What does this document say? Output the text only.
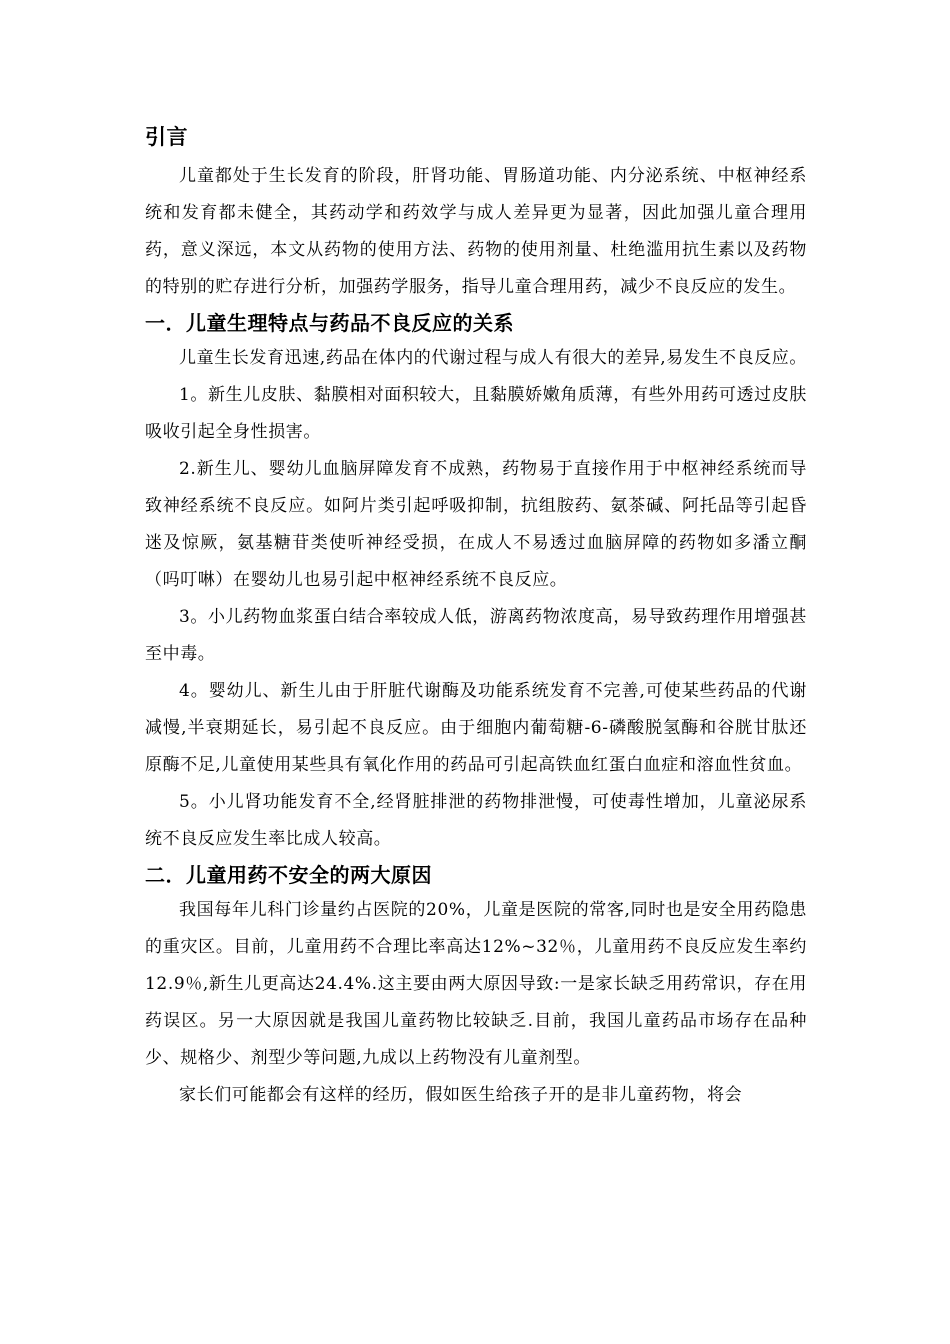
引言

儿童都处于生长发育的阶段，肝肾功能、胃肠道功能、内分泌系统、中枢神经系统和发育都未健全，其药动学和药效学与成人差异更为显著，因此加强儿童合理用药，意义深远，本文从药物的使用方法、药物的使用剂量、杜绝滥用抗生素以及药物的特别的贮存进行分析，加强药学服务，指导儿童合理用药，减少不良反应的发生。

一．儿童生理特点与药品不良反应的关系

儿童生长发育迅速,药品在体内的代谢过程与成人有很大的差异,易发生不良反应。

1。新生儿皮肤、黏膜相对面积较大，且黏膜娇嫩角质薄，有些外用药可透过皮肤吸收引起全身性损害。

2.新生儿、婴幼儿血脑屏障发育不成熟，药物易于直接作用于中枢神经系统而导致神经系统不良反应。如阿片类引起呼吸抑制，抗组胺药、氨茶碱、阿托品等引起昏迷及惊厥，氨基糖苷类使听神经受损，在成人不易透过血脑屏障的药物如多潘立酮（吗叮啉）在婴幼儿也易引起中枢神经系统不良反应。

3。小儿药物血浆蛋白结合率较成人低，游离药物浓度高，易导致药理作用增强甚至中毒。

4。婴幼儿、新生儿由于肝脏代谢酶及功能系统发育不完善,可使某些药品的代谢减慢,半衰期延长，易引起不良反应。由于细胞内葡萄糖-6-磷酸脱氢酶和谷胱甘肽还原酶不足,儿童使用某些具有氧化作用的药品可引起高铁血红蛋白血症和溶血性贫血。

5。小儿肾功能发育不全,经肾脏排泄的药物排泄慢，可使毒性增加，儿童泌尿系统不良反应发生率比成人较高。

二．儿童用药不安全的两大原因

我国每年儿科门诊量约占医院的20%，儿童是医院的常客,同时也是安全用药隐患的重灾区。目前，儿童用药不合理比率高达12%~32％，儿童用药不良反应发生率约12.9％,新生儿更高达24.4%.这主要由两大原因导致:一是家长缺乏用药常识，存在用药误区。另一大原因就是我国儿童药物比较缺乏.目前，我国儿童药品市场存在品种少、规格少、剂型少等问题,九成以上药物没有儿童剂型。

家长们可能都会有这样的经历，假如医生给孩子开的是非儿童药物，将会
